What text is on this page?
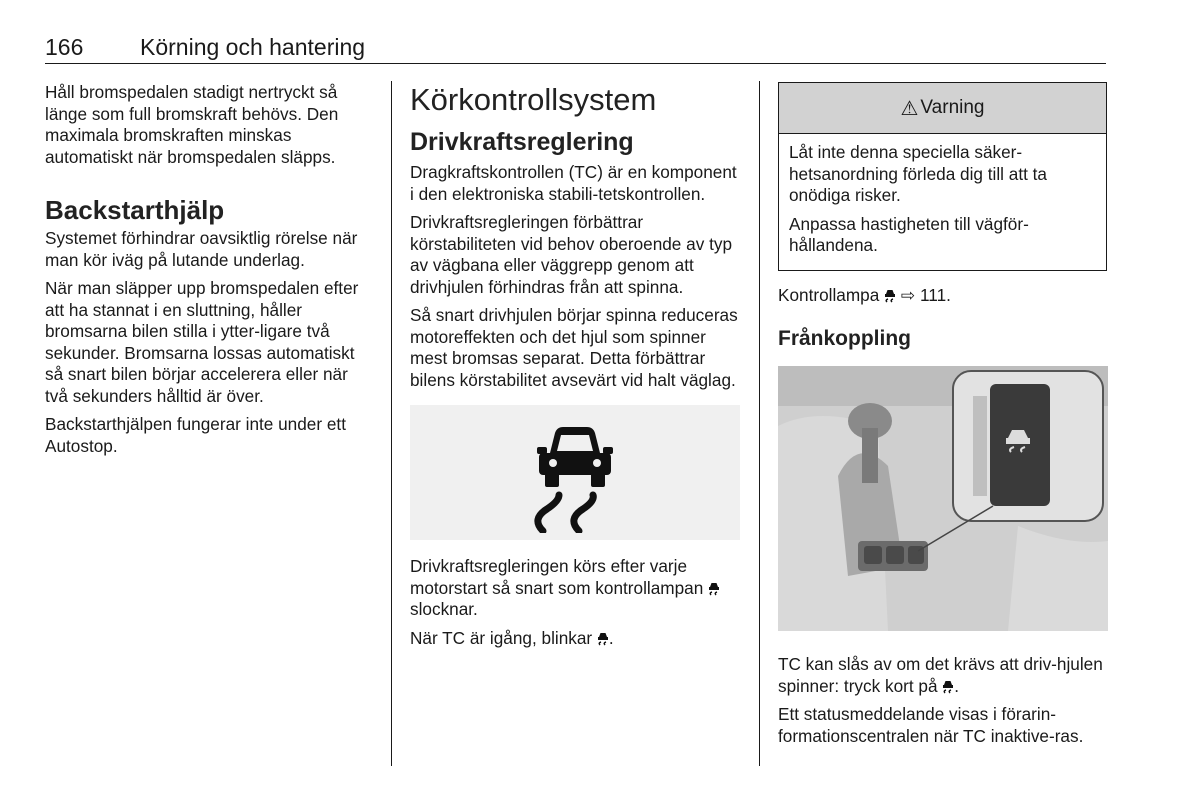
166 Körning och hantering

Håll bromspedalen stadigt nertryckt så länge som full bromskraft behövs. Den maximala bromskraften minskas automatiskt när bromspedalen släpps.

Backstarthjälp

Systemet förhindrar oavsiktlig rörelse när man kör iväg på lutande underlag.

När man släpper upp bromspedalen efter att ha stannat i en sluttning, håller bromsarna bilen stilla i ytter-ligare två sekunder. Bromsarna lossas automatiskt så snart bilen börjar accelerera eller när två sekunders hålltid är över.

Backstarthjälpen fungerar inte under ett Autostop.

Körkontrollsystem
Drivkraftsreglering

Dragkraftskontrollen (TC) är en komponent i den elektroniska stabili-tetskontrollen.

Drivkraftsregleringen förbättrar körstabiliteten vid behov oberoende av typ av vägbana eller väggrepp genom att drivhjulen förhindras från att spinna.

Så snart drivhjulen börjar spinna reduceras motoreffekten och det hjul som spinner mest bromsas separat. Detta förbättrar bilens körstabilitet avsevärt vid halt väglag.

Drivkraftsregleringen körs efter varje motorstart så snart som kontrollampan  slocknar.

När TC är igång, blinkar .

⚠ Varning

Låt inte denna speciella säker-hetsanordning förleda dig till att ta onödiga risker.

Anpassa hastigheten till vägför-hållandena.

Kontrollampa  ⇨ 111.

Frånkoppling

TC kan slås av om det krävs att driv-hjulen spinner: tryck kort på .

Ett statusmeddelande visas i förarin-formationscentralen när TC inaktive-ras.
